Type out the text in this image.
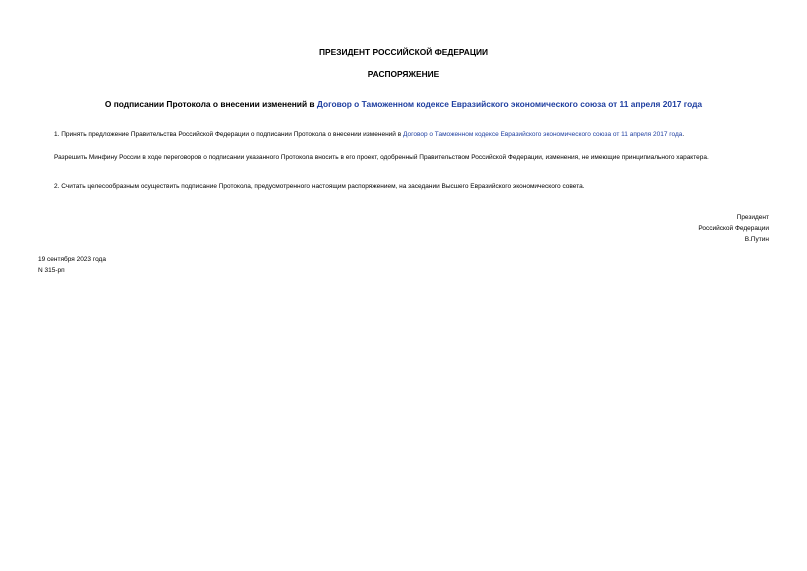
ПРЕЗИДЕНТ РОССИЙСКОЙ ФЕДЕРАЦИИ
РАСПОРЯЖЕНИЕ
О подписании Протокола о внесении изменений в Договор о Таможенном кодексе Евразийского экономического союза от 11 апреля 2017 года
1. Принять предложение Правительства Российской Федерации о подписании Протокола о внесении изменений в Договор о Таможенном кодексе Евразийского экономического союза от 11 апреля 2017 года.
Разрешить Минфину России в ходе переговоров о подписании указанного Протокола вносить в его проект, одобренный Правительством Российской Федерации, изменения, не имеющие принципиального характера.
2. Считать целесообразным осуществить подписание Протокола, предусмотренного настоящим распоряжением, на заседании Высшего Евразийского экономического совета.
Президент
Российской Федерации
В.Путин
19 сентября 2023 года
N 315-рп
